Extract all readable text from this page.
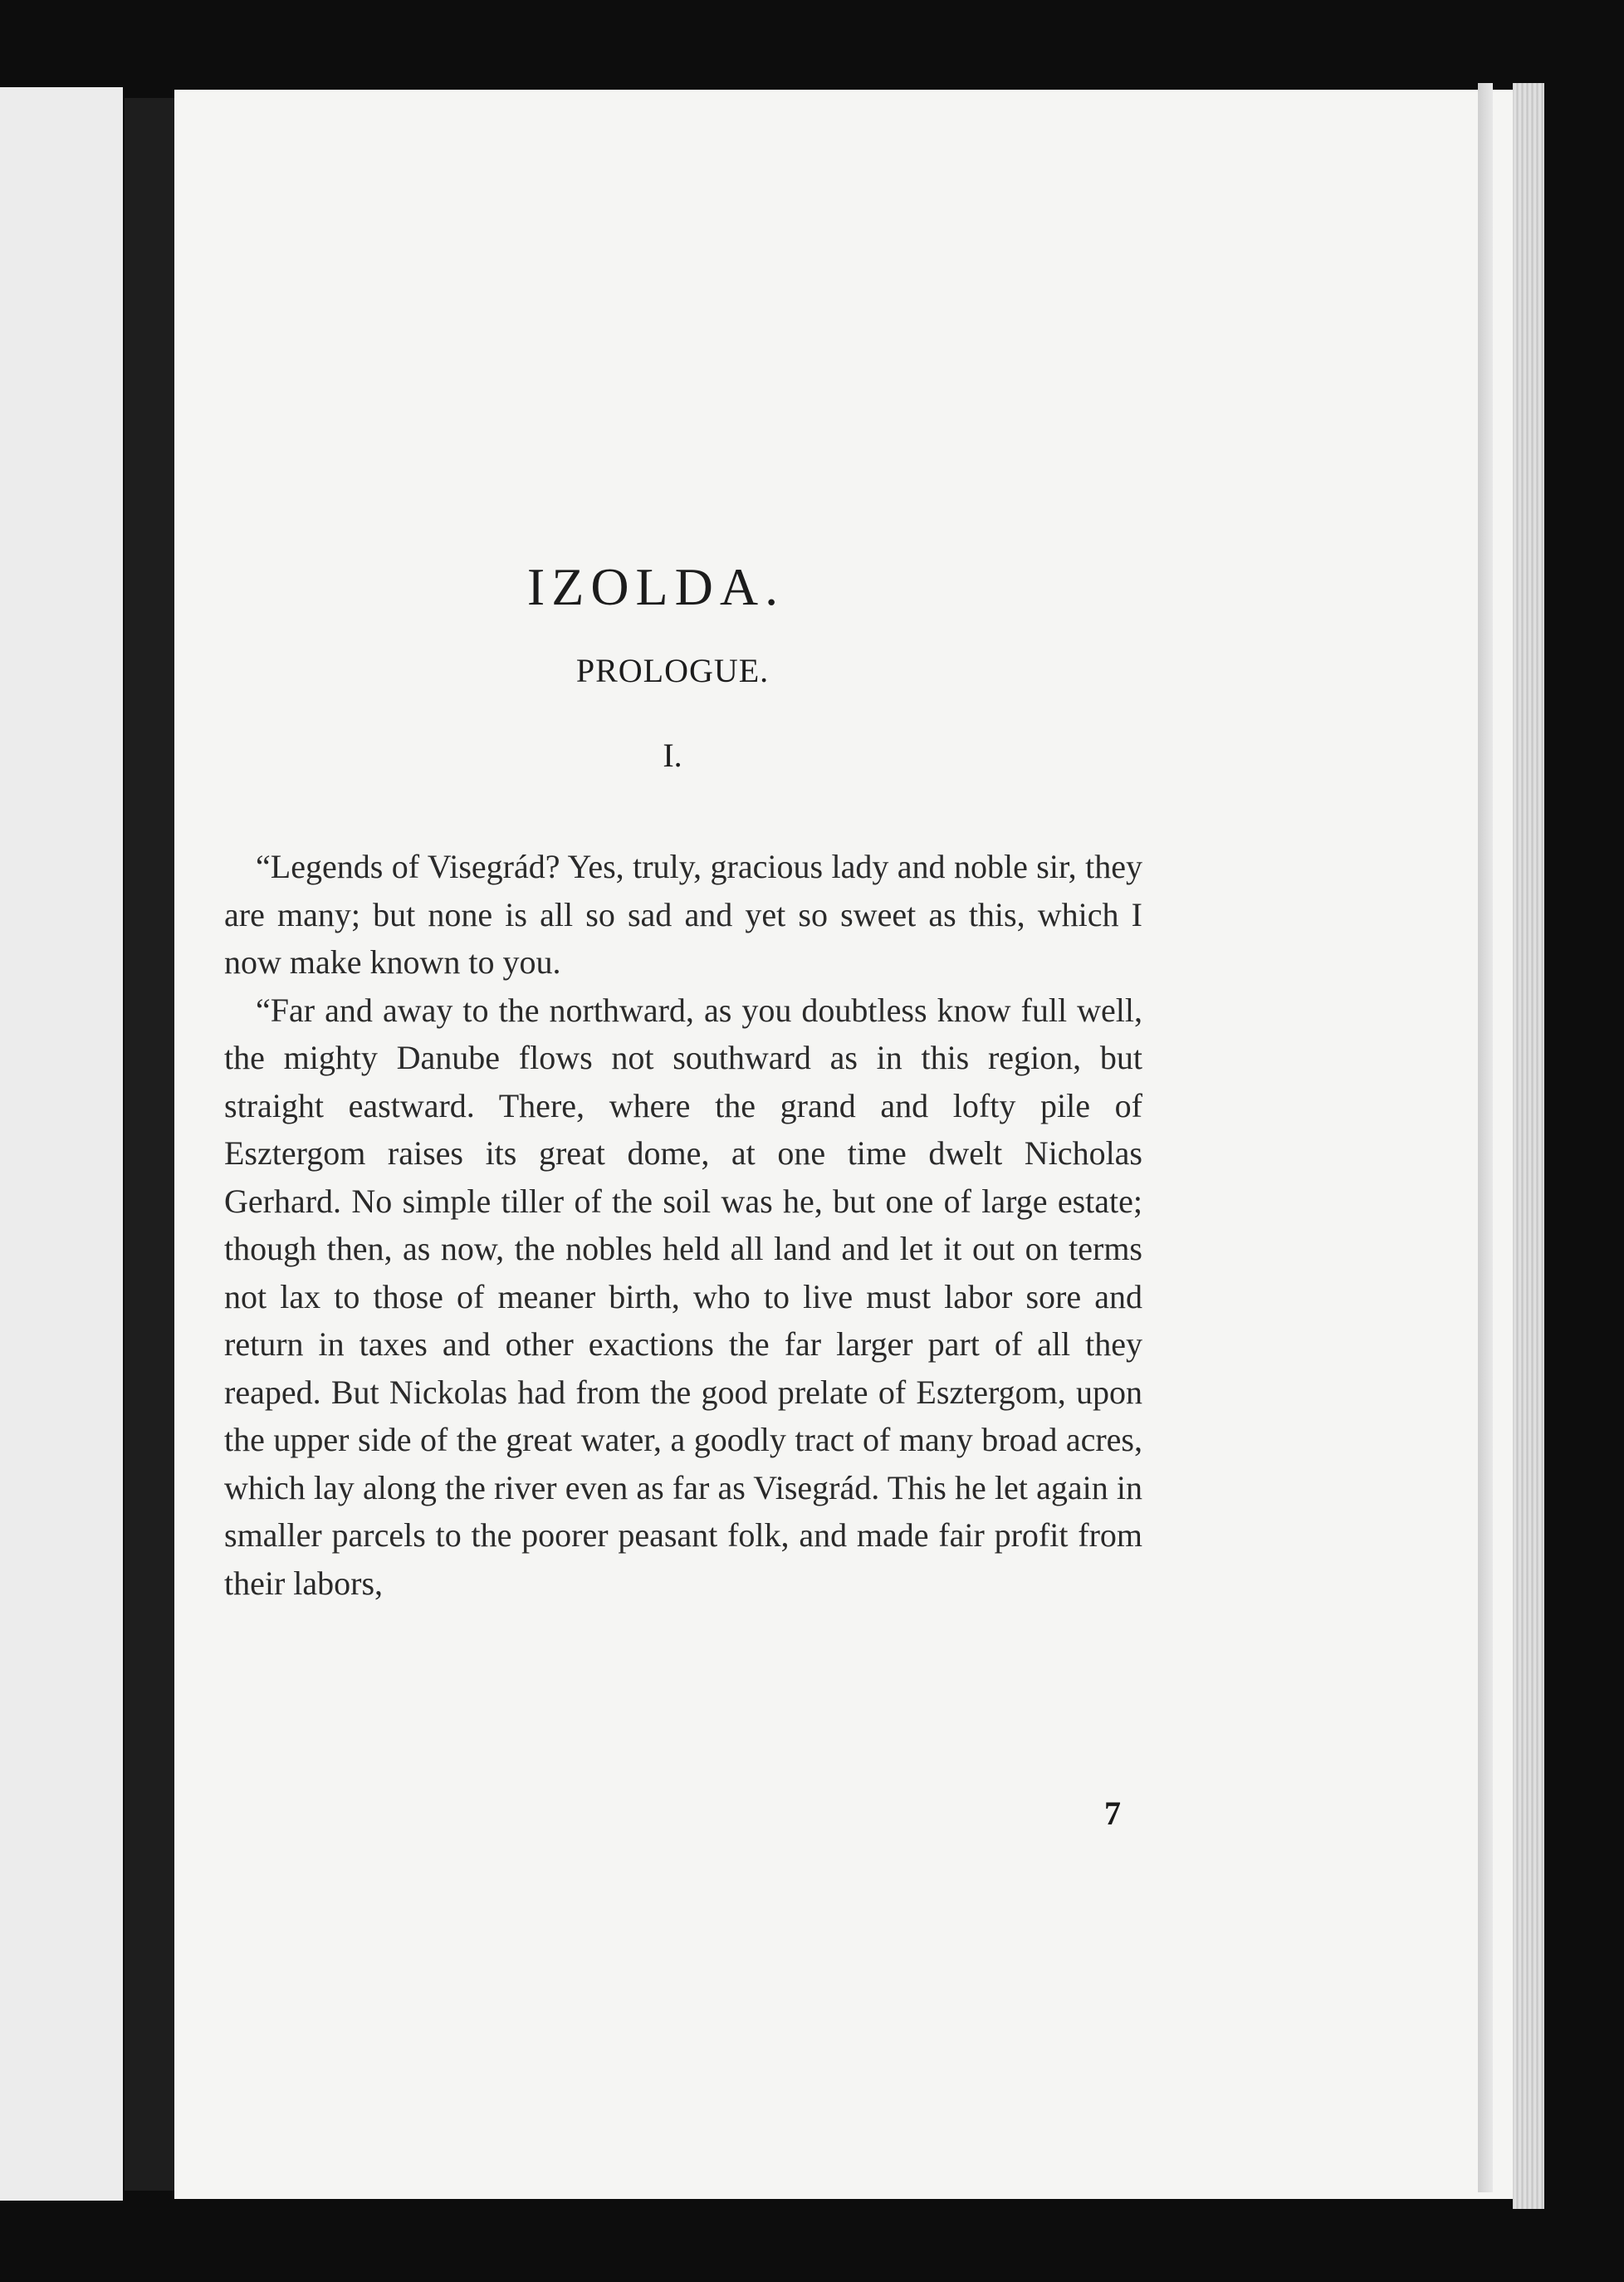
IZOLDA.
PROLOGUE.
I.

“Legends of Visegrád? Yes, truly, gracious lady and noble sir, they are many; but none is all so sad and yet so sweet as this, which I now make known to you.

“Far and away to the northward, as you doubtless know full well, the mighty Danube flows not southward as in this region, but straight eastward. There, where the grand and lofty pile of Esztergom raises its great dome, at one time dwelt Nicholas Gerhard. No simple tiller of the soil was he, but one of large estate; though then, as now, the nobles held all land and let it out on terms not lax to those of meaner birth, who to live must labor sore and return in taxes and other exactions the far larger part of all they reaped. But Nickolas had from the good prelate of Esztergom, upon the upper side of the great water, a goodly tract of many broad acres, which lay along the river even as far as Visegrád. This he let again in smaller parcels to the poorer peasant folk, and made fair profit from their labors,

7
